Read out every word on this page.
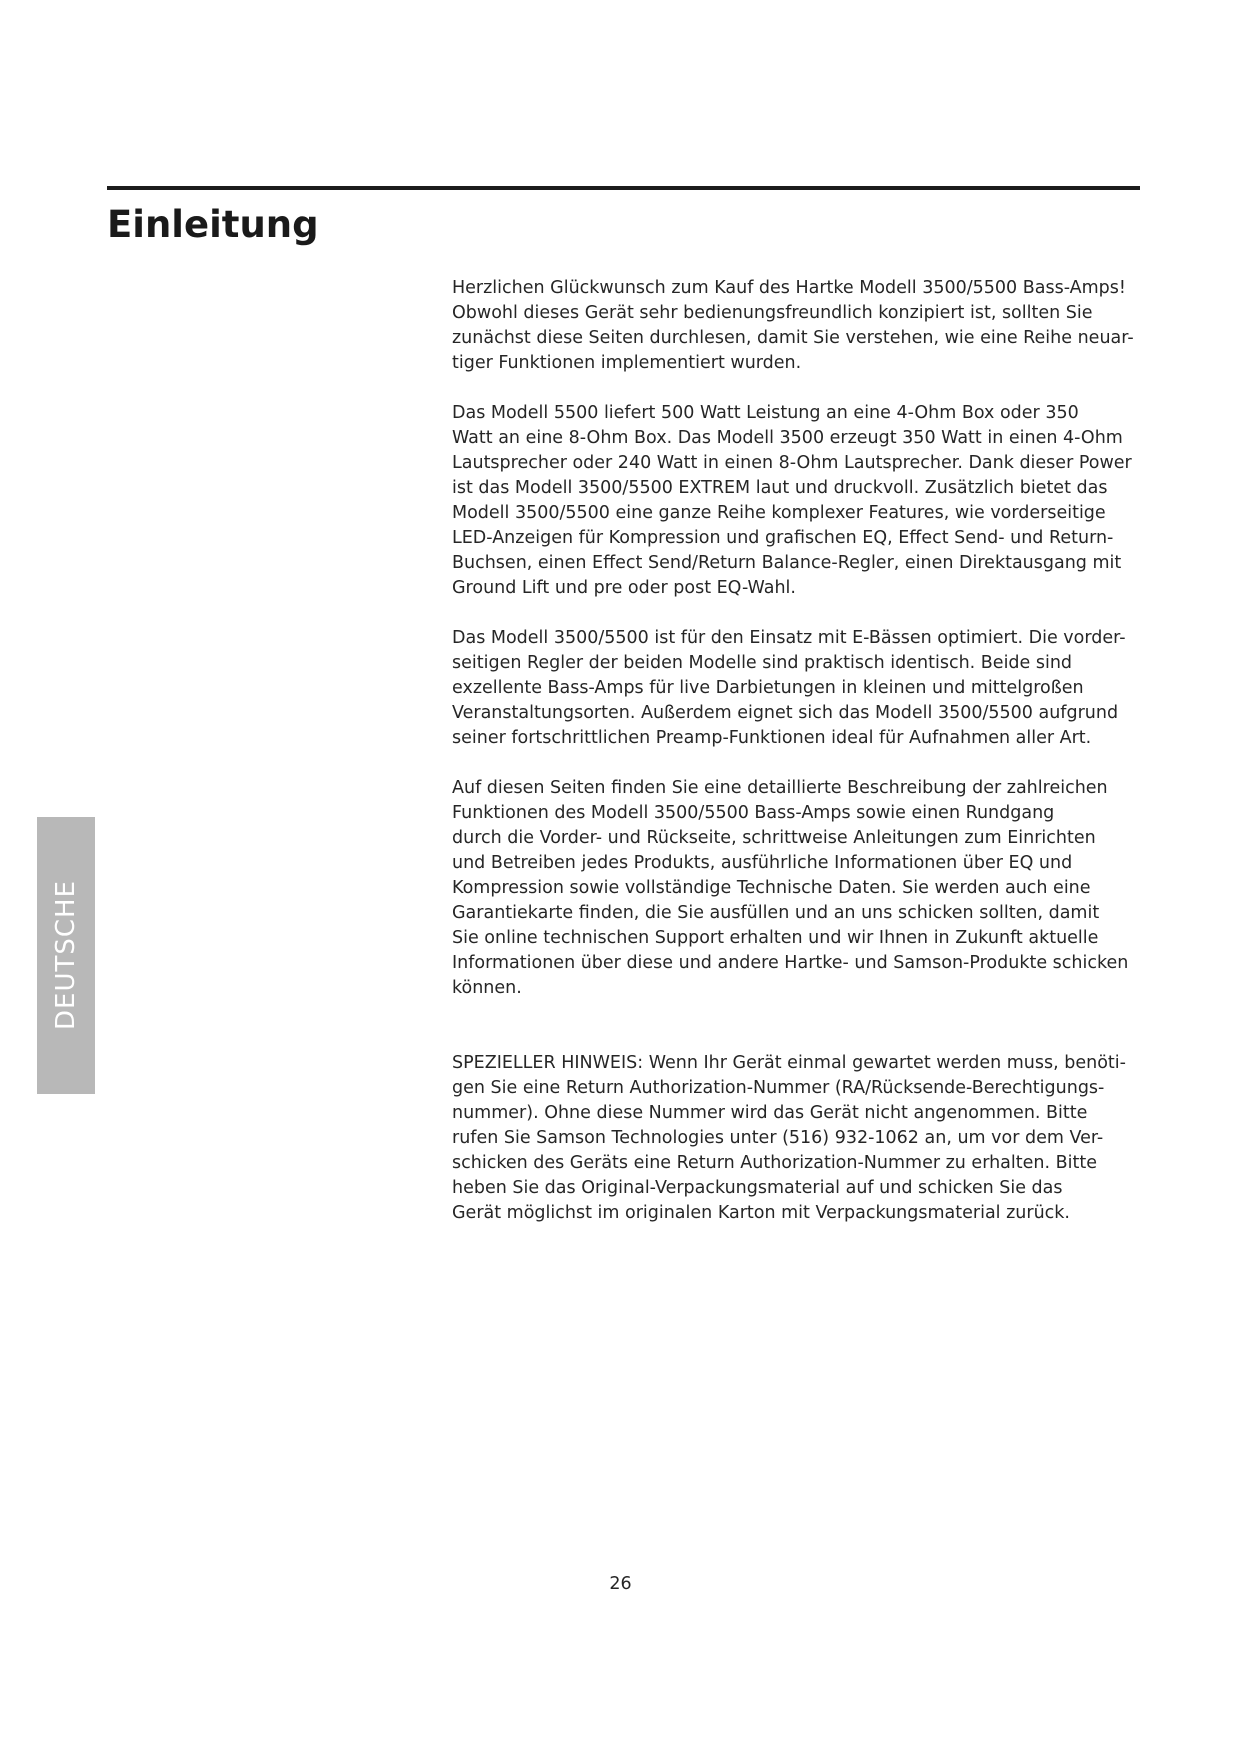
Einleitung

Herzlichen Glückwunsch zum Kauf des Hartke Modell 3500/5500 Bass-Amps!
Obwohl dieses Gerät sehr bedienungsfreundlich konzipiert ist, sollten Sie
zunächst diese Seiten durchlesen, damit Sie verstehen, wie eine Reihe neuar-
tiger Funktionen implementiert wurden.

Das Modell 5500 liefert 500 Watt Leistung an eine 4-Ohm Box oder 350
Watt an eine 8-Ohm Box. Das Modell 3500 erzeugt 350 Watt in einen 4-Ohm
Lautsprecher oder 240 Watt in einen 8-Ohm Lautsprecher. Dank dieser Power
ist das Modell 3500/5500 EXTREM laut und druckvoll. Zusätzlich bietet das
Modell 3500/5500 eine ganze Reihe komplexer Features, wie vorderseitige
LED-Anzeigen für Kompression und grafischen EQ, Effect Send- und Return-
Buchsen, einen Effect Send/Return Balance-Regler, einen Direktausgang mit
Ground Lift und pre oder post EQ-Wahl.

Das Modell 3500/5500 ist für den Einsatz mit E-Bässen optimiert. Die vorder-
seitigen Regler der beiden Modelle sind praktisch identisch. Beide sind
exzellente Bass-Amps für live Darbietungen in kleinen und mittelgroßen
Veranstaltungsorten. Außerdem eignet sich das Modell 3500/5500 aufgrund
seiner fortschrittlichen Preamp-Funktionen ideal für Aufnahmen aller Art.

Auf diesen Seiten finden Sie eine detaillierte Beschreibung der zahlreichen
Funktionen des Modell 3500/5500 Bass-Amps sowie einen Rundgang
durch die Vorder- und Rückseite, schrittweise Anleitungen zum Einrichten
und Betreiben jedes Produkts, ausführliche Informationen über EQ und
Kompression sowie vollständige Technische Daten. Sie werden auch eine
Garantiekarte finden, die Sie ausfüllen und an uns schicken sollten, damit
Sie online technischen Support erhalten und wir Ihnen in Zukunft aktuelle
Informationen über diese und andere Hartke- und Samson-Produkte schicken
können.

SPEZIELLER HINWEIS: Wenn Ihr Gerät einmal gewartet werden muss, benöti-
gen Sie eine Return Authorization-Nummer (RA/Rücksende-Berechtigungs-
nummer). Ohne diese Nummer wird das Gerät nicht angenommen. Bitte
rufen Sie Samson Technologies unter (516) 932-1062 an, um vor dem Ver-
schicken des Geräts eine Return Authorization-Nummer zu erhalten. Bitte
heben Sie das Original-Verpackungsmaterial auf und schicken Sie das
Gerät möglichst im originalen Karton mit Verpackungsmaterial zurück.

DEUTSCHE
26
